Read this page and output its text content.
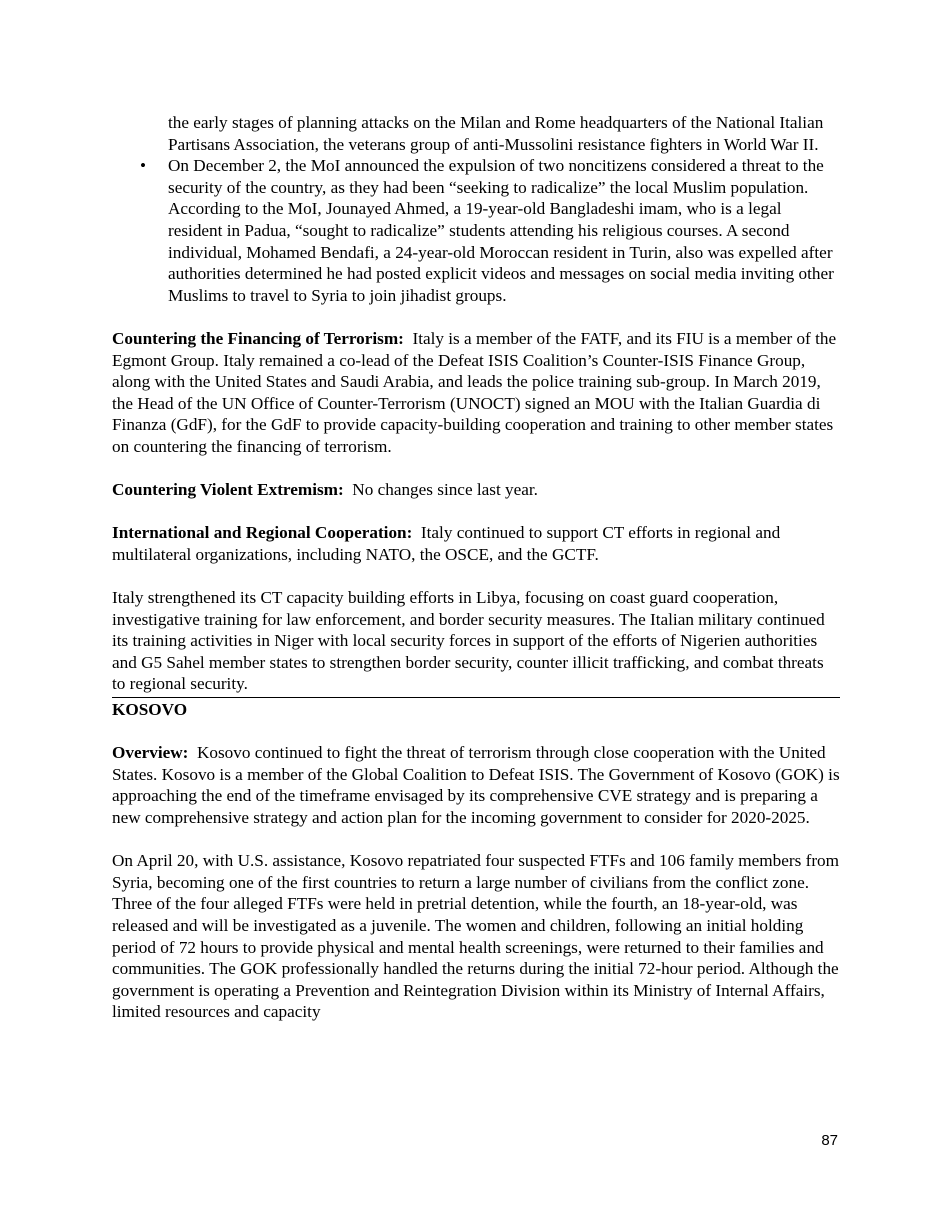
the early stages of planning attacks on the Milan and Rome headquarters of the National Italian Partisans Association, the veterans group of anti-Mussolini resistance fighters in World War II.

• On December 2, the MoI announced the expulsion of two noncitizens considered a threat to the security of the country, as they had been “seeking to radicalize” the local Muslim population. According to the MoI, Jounayed Ahmed, a 19-year-old Bangladeshi imam, who is a legal resident in Padua, “sought to radicalize” students attending his religious courses. A second individual, Mohamed Bendafi, a 24-year-old Moroccan resident in Turin, also was expelled after authorities determined he had posted explicit videos and messages on social media inviting other Muslims to travel to Syria to join jihadist groups.

Countering the Financing of Terrorism: Italy is a member of the FATF, and its FIU is a member of the Egmont Group. Italy remained a co-lead of the Defeat ISIS Coalition’s Counter-ISIS Finance Group, along with the United States and Saudi Arabia, and leads the police training sub-group. In March 2019, the Head of the UN Office of Counter-Terrorism (UNOCT) signed an MOU with the Italian Guardia di Finanza (GdF), for the GdF to provide capacity-building cooperation and training to other member states on countering the financing of terrorism.

Countering Violent Extremism: No changes since last year.

International and Regional Cooperation: Italy continued to support CT efforts in regional and multilateral organizations, including NATO, the OSCE, and the GCTF.

Italy strengthened its CT capacity building efforts in Libya, focusing on coast guard cooperation, investigative training for law enforcement, and border security measures. The Italian military continued its training activities in Niger with local security forces in support of the efforts of Nigerien authorities and G5 Sahel member states to strengthen border security, counter illicit trafficking, and combat threats to regional security.

KOSOVO

Overview: Kosovo continued to fight the threat of terrorism through close cooperation with the United States. Kosovo is a member of the Global Coalition to Defeat ISIS. The Government of Kosovo (GOK) is approaching the end of the timeframe envisaged by its comprehensive CVE strategy and is preparing a new comprehensive strategy and action plan for the incoming government to consider for 2020-2025.

On April 20, with U.S. assistance, Kosovo repatriated four suspected FTFs and 106 family members from Syria, becoming one of the first countries to return a large number of civilians from the conflict zone. Three of the four alleged FTFs were held in pretrial detention, while the fourth, an 18-year-old, was released and will be investigated as a juvenile. The women and children, following an initial holding period of 72 hours to provide physical and mental health screenings, were returned to their families and communities. The GOK professionally handled the returns during the initial 72-hour period. Although the government is operating a Prevention and Reintegration Division within its Ministry of Internal Affairs, limited resources and capacity

87
